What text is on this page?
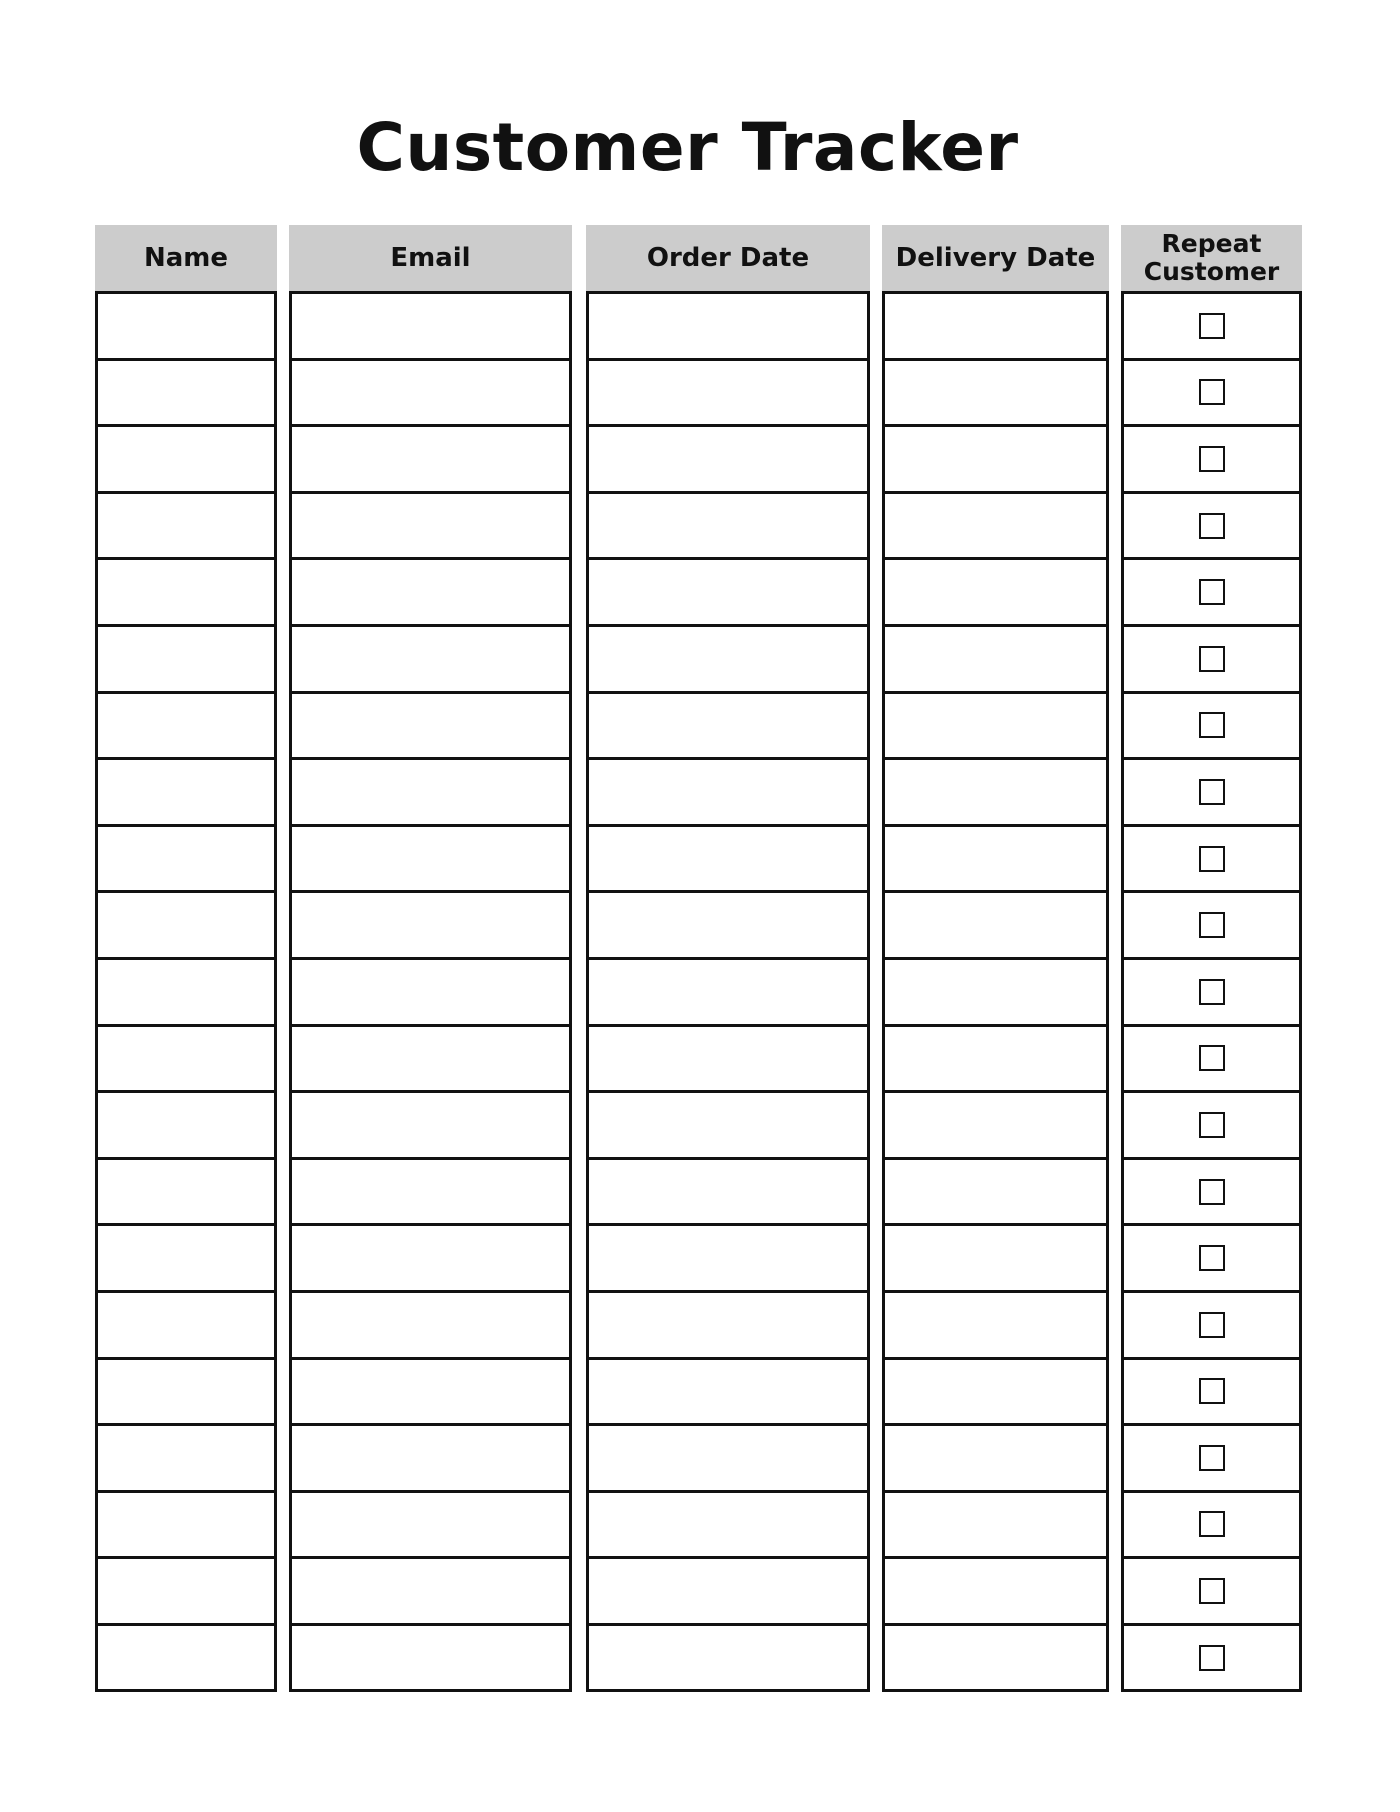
Customer Tracker
Name	Email	Order Date	Delivery Date	Repeat Customer
